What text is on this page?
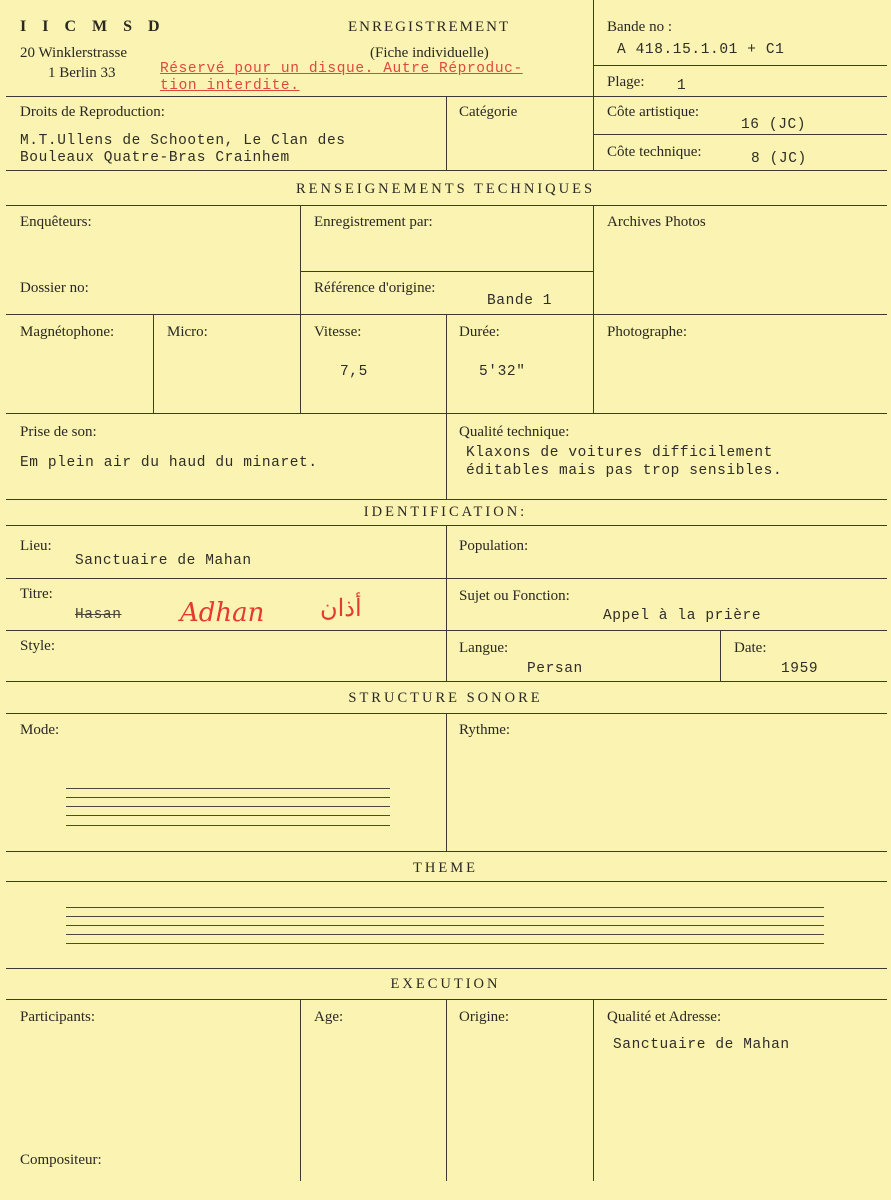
I I C M S D
20 Winklerstrasse
1 Berlin 33
ENREGISTREMENT
(Fiche individuelle)
Réservé pour un disque. Autre Réproduc-
tion interdite.
Bande no :
A 418.15.1.01 + C1
Plage: 1
Droits de Reproduction:
M.T.Ullens de Schooten, Le Clan des
Bouleaux Quatre-Bras Crainhem
Catégorie	Côte artistique:
16 (JC)
Côte technique:	8 (JC)
RENSEIGNEMENTS TECHNIQUES
Enquêteurs:	Enregistrement par:	Archives Photos
Dossier no:	Référence d'origine:
Bande 1
Magnétophone:	Micro:	Vitesse:
7,5
Durée:
5'32"
Photographe:
Prise de son:
Em plein air du haud du minaret.
Qualité technique:
Klaxons de voitures difficilement
éditables mais pas trop sensibles.
IDENTIFICATION:
Lieu:
Sanctuaire de Mahan
Population:
Titre:
Hasan Adhan أذان	Sujet ou Fonction:
Appel à la prière
Style:	Langue:
Persan
Date:
1959
STRUCTURE SONORE
Mode:	Rythme:
THEME
EXECUTION
Participants:	Age:	Origine:	Qualité et Adresse:
Sanctuaire de Mahan
Compositeur:
